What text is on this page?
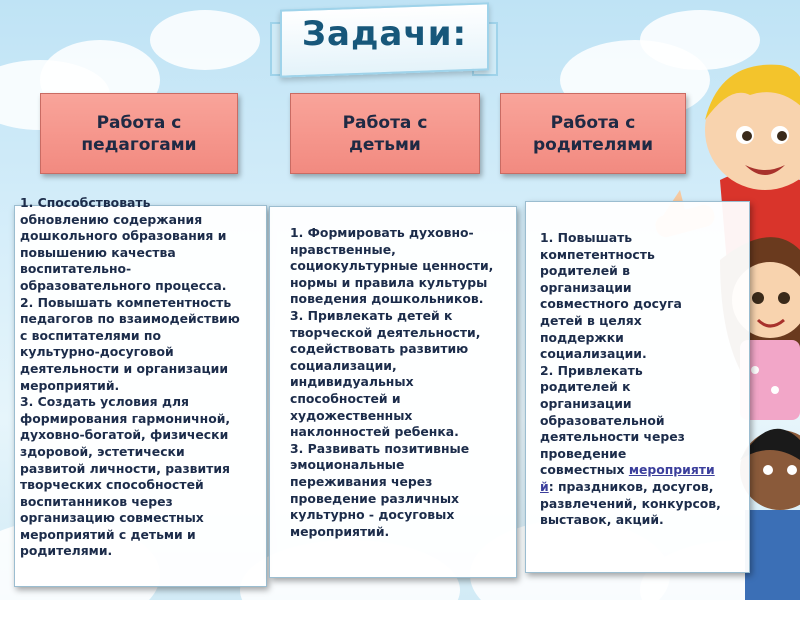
Задачи:
Работа с
педагогами
Работа с
детьми
Работа с
родителями
1. Способствовать
обновлению содержания
дошкольного образования и
повышению качества
воспитательно-
образовательного процесса.
2. Повышать компетентность
педагогов по взаимодействию
с воспитателями по
культурно-досуговой
деятельности и организации
мероприятий.
3. Создать условия для
формирования гармоничной,
духовно-богатой, физически
здоровой, эстетически
развитой личности, развития
творческих способностей
воспитанников через
организацию совместных
мероприятий с детьми и
родителями.
1. Формировать духовно-
нравственные,
социокультурные ценности,
нормы и правила культуры
поведения дошкольников.
3. Привлекать детей к
творческой деятельности,
содействовать развитию
социализации,
индивидуальных
способностей и
художественных
наклонностей ребенка.
3. Развивать позитивные
эмоциональные
переживания через
проведение различных
культурно - досуговых
мероприятий.
1. Повышать
компетентность
родителей в
организации
совместного досуга
детей в целях
поддержки
социализации.
2. Привлекать
родителей к
организации
образовательной
деятельности через
проведение
совместных мероприяти
й: праздников, досугов,
развлечений, конкурсов,
выставок, акций.
